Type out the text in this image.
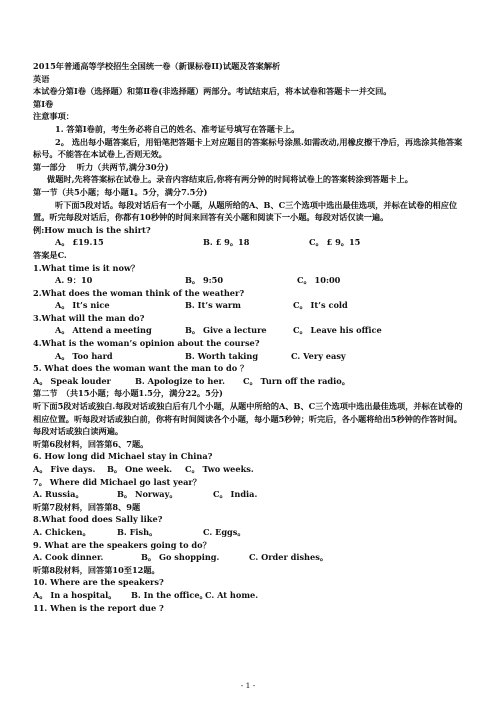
2015年普通高等学校招生全国统一卷（新课标卷II)试题及答案解析
英语
本试卷分第I卷（选择题）和第Ⅱ卷(非选择题）两部分。考试结束后，将本试卷和答题卡一并交回。
第I卷
注意事项：
1. 答第I卷前，考生务必将自己的姓名、准考证号填写在答题卡上。
2。 选出每小题答案后，用铅笔把答题卡上对应题目的答案标号涂黑.如需改动,用橡皮擦干净后，再选涂其他答案标号。不能答在本试卷上,否则无效。
第一部分　 听力（共两节,满分30分)
做题时,先将答案标在试卷上。录音内容结束后,你将有两分钟的时间将试卷上的答案转涂到答题卡上。
第一节（共5小题；每小题1。5分，满分7.5分)
听下面5段对话。每段对话后有一个小题，从题所给的A、B、C三个选项中选出最佳选项，并标在试卷的相应位置。听完每段对话后，你都有10秒钟的时间来回答有关小题和阅读下一小题。每段对话仅读一遍。
例:How much is the shirt?
A。 £19.15	B. £ 9。18	C。 £ 9。15
答案是C.
1.What time is it now？
A. 9：10	B。 9:50	C。 10:00
2.What does the woman think of the weather?
A。 It’s nice	B. It’s warm	C。 It’s cold
3.What will the man do?
A。 Attend a meeting	B。 Give a lecture	C。 Leave his office
4.What is the woman’s opinion about the course?
A。 Too hard	B. Worth taking	C. Very easy
5. What does the woman want the man to do ？
A。 Speak louder	B. Apologize to her.	C。 Turn off the radio。
第二节　（共15小题；每小题1.5分，满分22。5分)
听下面5段对话或独白.每段对话或独白后有几个小题，从题中所给的A、B、C三个选项中选出最佳选项，并标在试卷的相应位置。听每段对话或独白前，你将有时间阅读各个小题，每小题5秒钟；听完后，各小题将给出5秒钟的作答时间。每段对话或独白读两遍。
听第6段材料，回答第6、7题。
6. How long did Michael stay in China?
A。 Five days.	B。 One week.	C。 Two weeks.
7。 Where did Michael go last year？
A. Russia。	B。 Norway。	C。 India.
听第7段材料，回答第8、9题
8.What food does Sally like?
A. Chicken。	B. Fish。	C. Eggs。
9. What are the speakers going to do？
A. Cook dinner.	B。 Go shopping.	C. Order dishes。
听第8段材料，回答第10至12题。
10. Where are the speakers?
A。 In a hospital。	B. In the office。
C. At home.
11. When is the report due ?
- 1 -
